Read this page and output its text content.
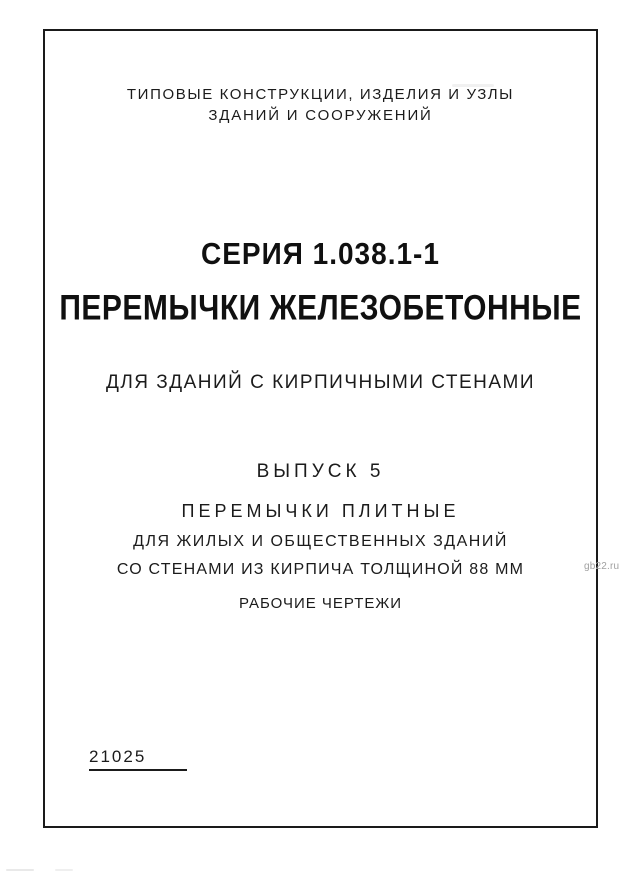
ТИПОВЫЕ КОНСТРУКЦИИ, ИЗДЕЛИЯ И УЗЛЫ
ЗДАНИЙ И СООРУЖЕНИЙ
СЕРИЯ 1.038.1-1
ПЕРЕМЫЧКИ ЖЕЛЕЗОБЕТОННЫЕ
ДЛЯ ЗДАНИЙ С КИРПИЧНЫМИ СТЕНАМИ
ВЫПУСК 5
ПЕРЕМЫЧКИ ПЛИТНЫЕ
ДЛЯ ЖИЛЫХ И ОБЩЕСТВЕННЫХ ЗДАНИЙ
СО СТЕНАМИ ИЗ КИРПИЧА ТОЛЩИНОЙ 88 ММ
РАБОЧИЕ ЧЕРТЕЖИ
21025
gb22.ru
